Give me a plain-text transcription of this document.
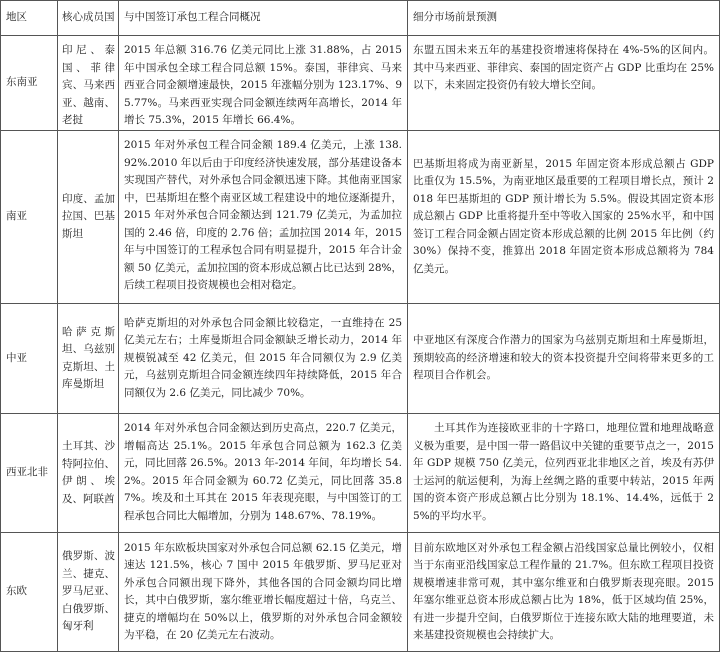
地区	核心成员国 与中国签订承包工程合同概况	细分市场前景预测
东南亚
印尼、泰国、菲律宾、马来西亚、越南、老挝
2015 年总额 316.76 亿美元同比上涨 31.88%，占 2015 年中国承包全球工程合同总额 15%。泰国，菲律宾、马来西亚合同金额增速最快，2015 年涨幅分别为 123.17%、95.77%。马来西亚实现合同金额连续两年高增长，2014 年增长 75.3%，2015 年增长 66.4%。
东盟五国未来五年的基建投资增速将保持在 4%-5%的区间内。其中马来西亚、菲律宾、泰国的固定资产占 GDP 比重均在 25%以下，未来固定投资仍有较大增长空间。
南亚
印度、孟加拉国、巴基斯坦
2015 年对外承包工程合同金额 189.4 亿美元，上涨 138.92%.2010 年以后由于印度经济快速发展，部分基建设备本实现国产替代，对外承包合同金额迅速下降。其他南亚国家中，巴基斯坦在整个南亚区域工程建设中的地位逐渐提升，2015 年对外承包合同金额达到 121.79 亿美元，为孟加拉国的 2.46 倍，印度的 2.76 倍；孟加拉国 2014 年，2015 年与中国签订的工程承包合同有明显提升，2015 年合计金额 50 亿美元，孟加拉国的资本形成总额占比已达到 28%，后续工程项目投资规模也会相对稳定。
巴基斯坦将成为南亚新星，2015 年固定资本形成总额占 GDP 比重仅为 15.5%，为南亚地区最重要的工程项目增长点，预计 2018 年巴基斯坦的 GDP 预计增长为 5.5%。假设其固定资本形成总额占 GDP 比重将提升至中等收入国家的 25%水平，和中国签订工程合同金额占固定资本形成总额的比例 2015 年比例（约 30%）保持不变，推算出 2018 年固定资本形成总额将为 784 亿美元。
中亚
哈萨克斯坦、乌兹别克斯坦、土库曼斯坦
哈萨克斯坦的对外承包合同金额比较稳定，一直维持在 25 亿美元左右；土库曼斯坦合同金额缺乏增长动力，2014 年规模锐减至 42 亿美元，但 2015 年合同额仅为 2.9 亿美元，乌兹别克斯坦合同金额连续四年持续降低，2015 年合同额仅为 2.6 亿美元，同比减少 70%。
中亚地区有深度合作潜力的国家为乌兹别克斯坦和土库曼斯坦，预期较高的经济增速和较大的资本投资提升空间将带来更多的工程项目合作机会。
西亚北非
土耳其、沙特阿拉伯、伊朗、埃及、阿联酋
2014 年对外承包合同金额达到历史高点，220.7 亿美元，增幅高达 25.1%。2015 年承包合同总额为 162.3 亿美元，同比回落 26.5%。2013 年-2014 年间，年均增长 54.2%。2015 年合同金额为 60.72 亿美元，同比回落 35.87%。埃及和土耳其在 2015 年表现亮眼，与中国签订的工程承包合同比大幅增加，分别为 148.67%、78.19%。
土耳其作为连接欧亚非的十字路口，地理位置和地理战略意义极为重要，是中国一带一路倡议中关键的重要节点之一，2015 年 GDP 规模 750 亿美元，位列西亚北非地区之首，埃及有苏伊士运河的航运便利，为海上丝绸之路的重要中转站，2015 年两国的资本资产形成总额占比分别为 18.1%、14.4%，远低于 25%的平均水平。
东欧
俄罗斯、波兰、捷克、罗马尼亚、白俄罗斯、匈牙利
2015 年东欧板块国家对外承包合同总额 62.15 亿美元，增速达 121.5%，核心 7 国中 2015 年俄罗斯、罗马尼亚对外承包合同额出现下降外，其他各国的合同金额均同比增长，其中白俄罗斯，塞尔维亚增长幅度超过十倍，乌克兰、捷克的增幅均在 50%以上，俄罗斯的对外承包合同金额较为平稳，在 20 亿美元左右波动。
目前东欧地区对外承包工程金额占沿线国家总量比例较小，仅相当于东南亚沿线国家总工程作量的 21.7%。但东欧工程项目投资规模增速非常可观，其中塞尔维亚和白俄罗斯表现亮眼。2015 年塞尔维亚总资本形成总额占比为 18%，低于区域均值 25%，有进一步提升空间，白俄罗斯位于连接东欧大陆的地理要道，未来基建投资规模也会持续扩大。
